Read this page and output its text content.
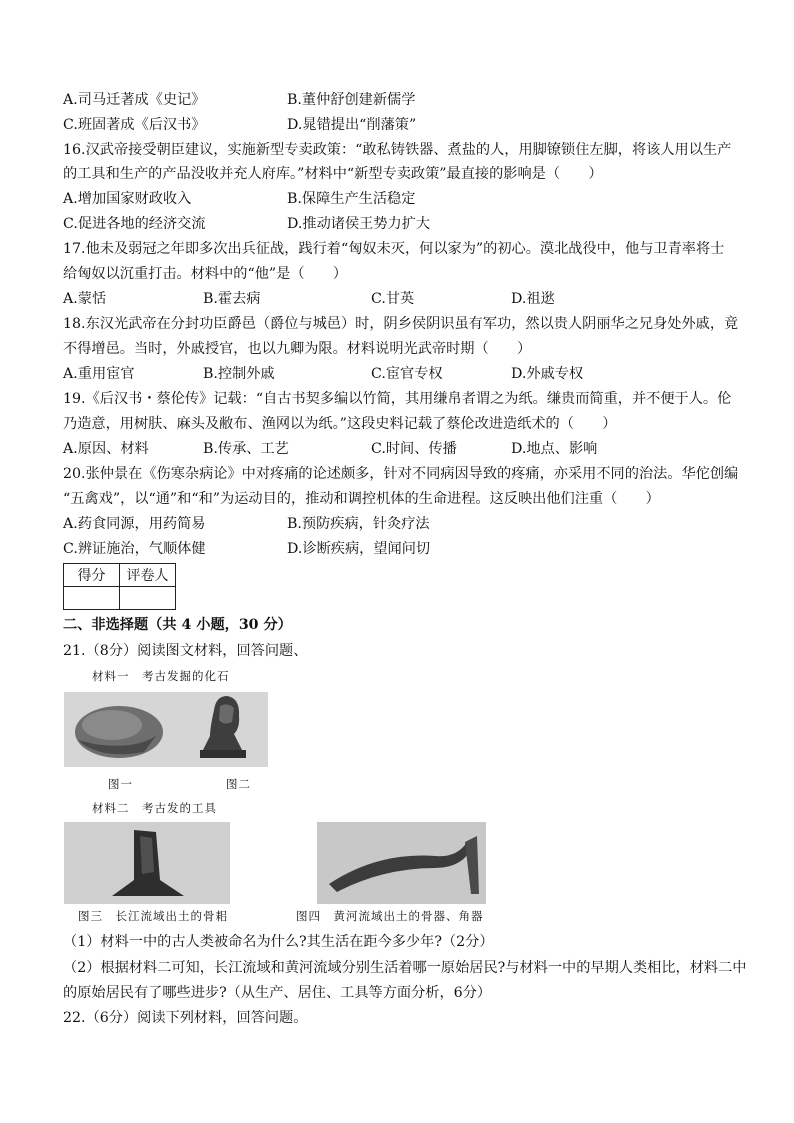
A.司马迁著成《史记》	B.董仲舒创建新儒学
C.班固著成《后汉书》	D.晁错提出“削藩策”
16.汉武帝接受朝臣建议，实施新型专卖政策：“敢私铸铁器、煮盐的人，用脚镣锁住左脚，将该人用以生产
的工具和生产的产品没收并充人府库。”材料中“新型专卖政策”最直接的影响是（　　）
A.增加国家财政收入	B.保障生产生活稳定
C.促进各地的经济交流	D.推动诸侯王势力扩大
17.他未及弱冠之年即多次出兵征战，践行着“匈奴未灭，何以家为”的初心。漠北战役中，他与卫青率将士
给匈奴以沉重打击。材料中的“他”是（　　）
A.蒙恬	B.霍去病	C.甘英	D.祖逖
18.东汉光武帝在分封功臣爵邑（爵位与城邑）时，阴乡侯阴识虽有军功，然以贵人阴丽华之兄身处外戚，竟
不得增邑。当时，外戚授官，也以九卿为限。材料说明光武帝时期（　　）
A.重用宦官	B.控制外戚	C.宦官专权	D.外戚专权
19.《后汉书・蔡伦传》记载：“自古书契多编以竹简，其用缣帛者谓之为纸。缣贵而简重，并不便于人。伦
乃造意，用树肤、麻头及敝布、渔网以为纸。”这段史料记载了蔡伦改进造纸术的（　　）
A.原因、材料	B.传承、工艺	C.时间、传播	D.地点、影响
20.张仲景在《伤寒杂病论》中对疼痛的论述颇多，针对不同病因导致的疼痛，亦采用不同的治法。华佗创编
“五禽戏”，以“通”和“和”为运动目的，推动和调控机体的生命进程。这反映出他们注重（　　）
A.药食同源，用药简易	B.预防疾病，针灸疗法
C.辨证施治，气顺体健	D.诊断疾病，望闻问切
得分	评卷人

二、非选择题（共 4 小题，30 分）
21.（8分）阅读图文材料，回答问题、
材料一　考古发掘的化石
图一	图二
材料二　考古发的工具
图三　长江流域出土的骨耜	图四　黄河流域出土的骨器、角器
（1）材料一中的古人类被命名为什么?其生活在距今多少年?（2分）
（2）根据材料二可知，长江流域和黄河流域分别生活着哪一原始居民?与材料一中的早期人类相比，材料二中
的原始居民有了哪些进步?（从生产、居住、工具等方面分析，6分）
22.（6分）阅读下列材料，回答问题。
